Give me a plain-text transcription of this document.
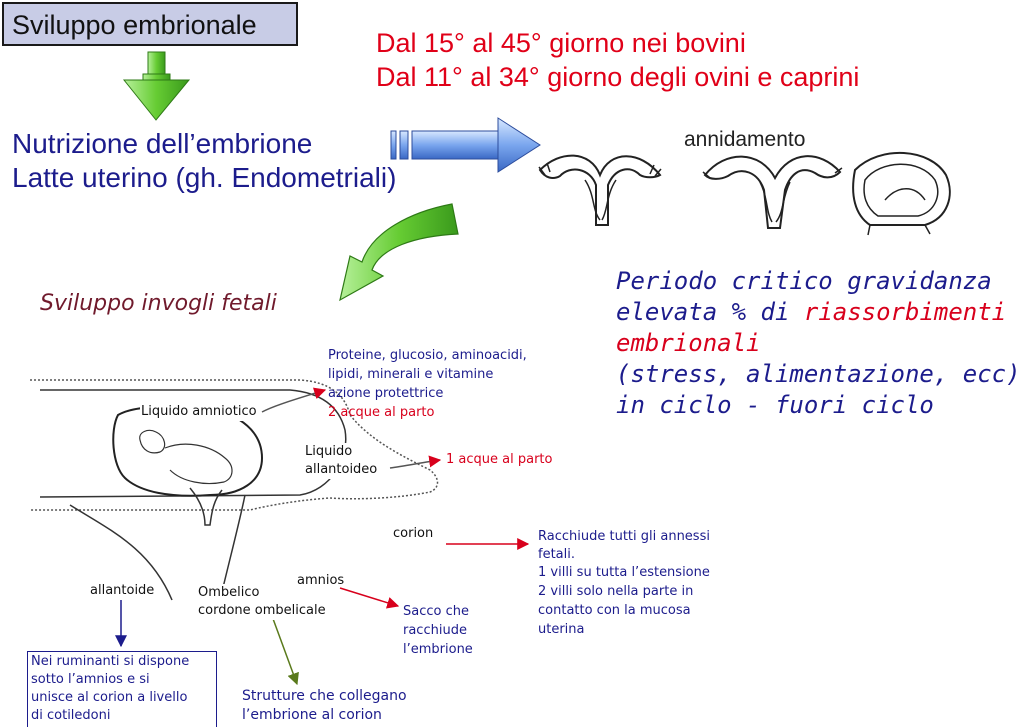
Sviluppo embrionale
Dal 15° al 45° giorno nei bovini
Dal 11° al 34° giorno degli ovini e caprini
Nutrizione dell’embrione
Latte uterino (gh. Endometriali)
annidamento
Sviluppo invogli fetali
Liquido amniotico
Proteine, glucosio, aminoacidi,
lipidi, minerali e vitamine
azione protettrice
2 acque al parto
Liquido
allantoideo
1 acque al parto
Periodo critico gravidanza
elevata % di riassorbimenti
embrionali
(stress, alimentazione, ecc)
in ciclo - fuori ciclo
corion	Racchiude tutti gli annessi
fetali.
1 villi su tutta l’estensione
2 villi solo nella parte in
contatto con la mucosa
uterina
allantoide
amnios
Ombelico
cordone ombelicale	Sacco che
racchiude
l’embrione
Nei ruminanti si dispone
sotto l’amnios e si
unisce al corion a livello
di cotiledoni
Strutture che collegano
l’embrione al corion
